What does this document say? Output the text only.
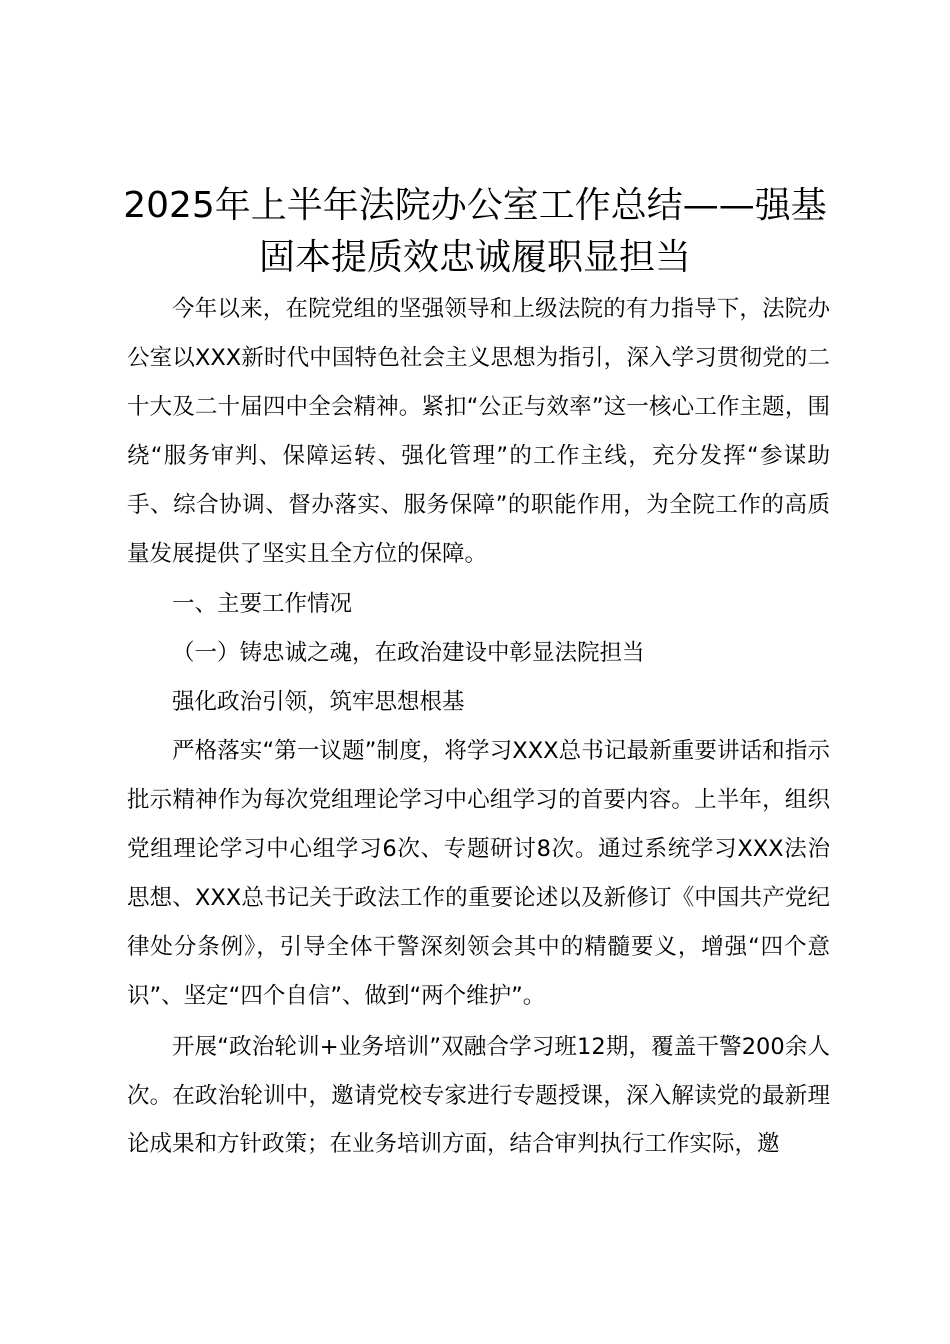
2025年上半年法院办公室工作总结——强基
固本提质效忠诚履职显担当

今年以来，在院党组的坚强领导和上级法院的有力指导下，法院办公室以XXX新时代中国特色社会主义思想为指引，深入学习贯彻党的二十大及二十届四中全会精神。紧扣“公正与效率”这一核心工作主题，围绕“服务审判、保障运转、强化管理”的工作主线，充分发挥“参谋助手、综合协调、督办落实、服务保障”的职能作用，为全院工作的高质量发展提供了坚实且全方位的保障。

一、主要工作情况

（一）铸忠诚之魂，在政治建设中彰显法院担当

强化政治引领，筑牢思想根基

严格落实“第一议题”制度，将学习XXX总书记最新重要讲话和指示批示精神作为每次党组理论学习中心组学习的首要内容。上半年，组织党组理论学习中心组学习6次、专题研讨8次。通过系统学习XXX法治思想、XXX总书记关于政法工作的重要论述以及新修订《中国共产党纪律处分条例》，引导全体干警深刻领会其中的精髓要义，增强“四个意识”、坚定“四个自信”、做到“两个维护”。

开展“政治轮训+业务培训”双融合学习班12期，覆盖干警200余人次。在政治轮训中，邀请党校专家进行专题授课，深入解读党的最新理论成果和方针政策；在业务培训方面，结合审判执行工作实际，邀
